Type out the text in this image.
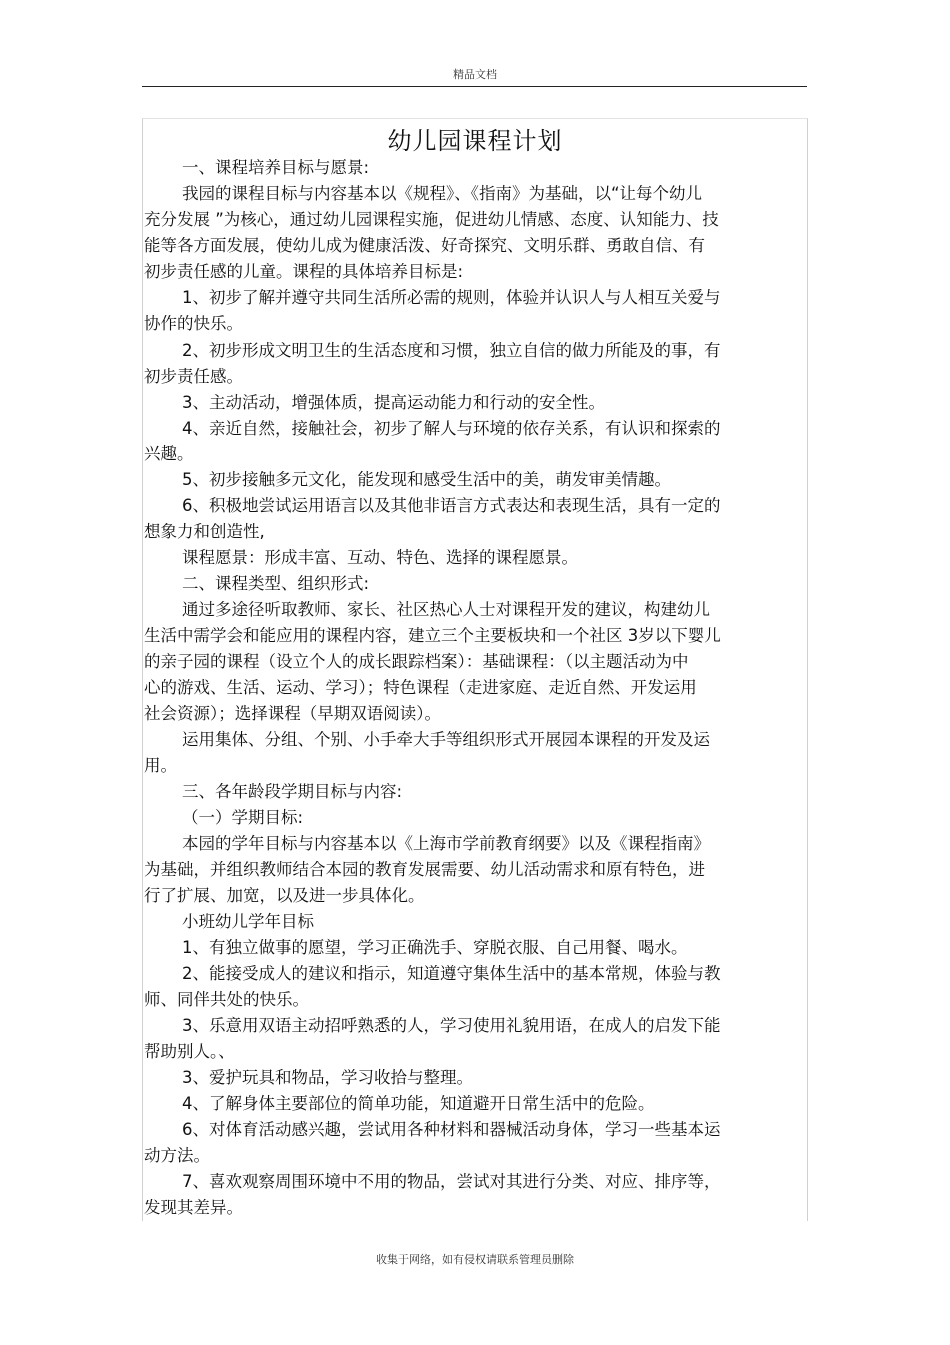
精品文档
幼儿园课程计划
一、课程培养目标与愿景:
我园的课程目标与内容基本以《规程》、《指南》为基础，以“让每个幼儿
充分发展 ”为核心，通过幼儿园课程实施，促进幼儿情感、态度、认知能力、技
能等各方面发展，使幼儿成为健康活泼、好奇探究、文明乐群、勇敢自信、有
初步责任感的儿童。课程的具体培养目标是:
1、初步了解并遵守共同生活所必需的规则，体验并认识人与人相互关爱与
协作的快乐。
2、初步形成文明卫生的生活态度和习惯，独立自信的做力所能及的事，有
初步责任感。
3、主动活动，增强体质，提高运动能力和行动的安全性。
4、亲近自然，接触社会，初步了解人与环境的依存关系，有认识和探索的
兴趣。
5、初步接触多元文化，能发现和感受生活中的美，萌发审美情趣。
6、积极地尝试运用语言以及其他非语言方式表达和表现生活，具有一定的
想象力和创造性,
课程愿景：形成丰富、互动、特色、选择的课程愿景。
二、课程类型、组织形式:
通过多途径听取教师、家长、社区热心人士对课程开发的建议，构建幼儿
生活中需学会和能应用的课程内容，建立三个主要板块和一个社区 3岁以下婴儿
的亲子园的课程（设立个人的成长跟踪档案）：基础课程：（以主题活动为中
心的游戏、生活、运动、学习）；特色课程（走进家庭、走近自然、开发运用
社会资源）；选择课程（早期双语阅读）。
运用集体、分组、个别、小手牵大手等组织形式开展园本课程的开发及运
用。
三、各年龄段学期目标与内容:
（一）学期目标:
本园的学年目标与内容基本以《上海市学前教育纲要》以及《课程指南》
为基础，并组织教师结合本园的教育发展需要、幼儿活动需求和原有特色，进
行了扩展、加宽，以及进一步具体化。
小班幼儿学年目标
1、有独立做事的愿望，学习正确洗手、穿脱衣服、自己用餐、喝水。
2、能接受成人的建议和指示，知道遵守集体生活中的基本常规，体验与教
师、同伴共处的快乐。
3、乐意用双语主动招呼熟悉的人，学习使用礼貌用语，在成人的启发下能
帮助别人。、
3、爱护玩具和物品，学习收拾与整理。
4、了解身体主要部位的简单功能，知道避开日常生活中的危险。
6、对体育活动感兴趣，尝试用各种材料和器械活动身体，学习一些基本运
动方法。
7、喜欢观察周围环境中不用的物品，尝试对其进行分类、对应、排序等，
发现其差异。
收集于网络，如有侵权请联系管理员删除
